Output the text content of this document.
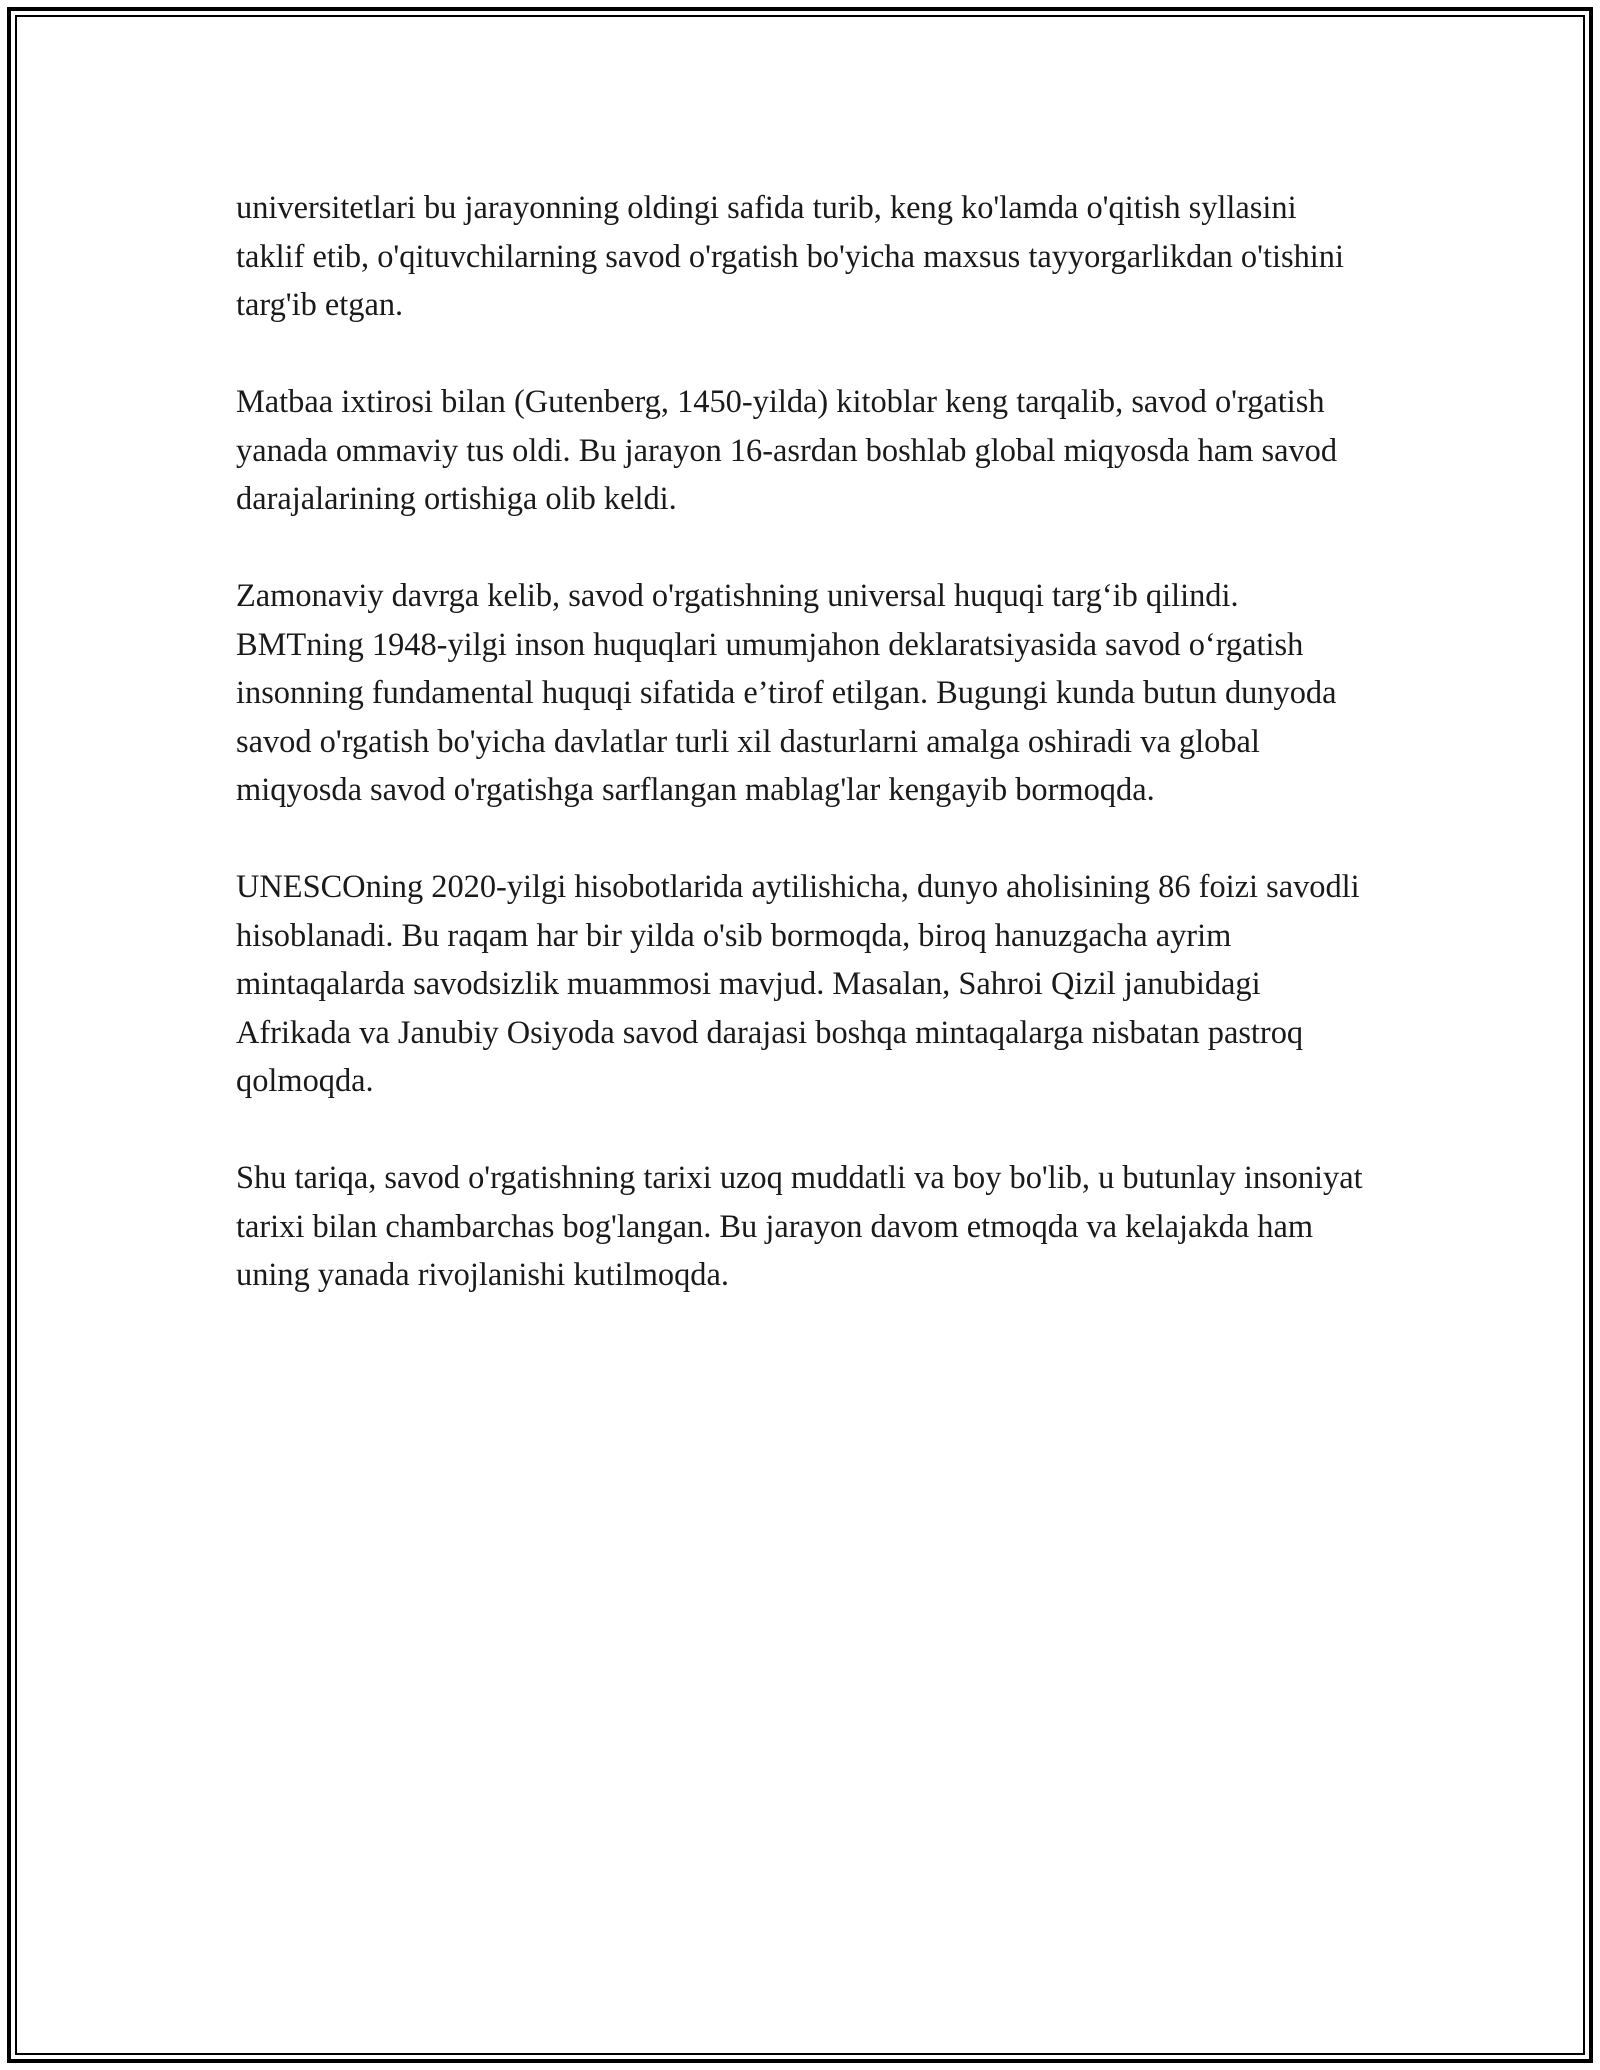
universitetlari bu jarayonning oldingi safida turib, keng ko'lamda o'qitish syllasini taklif etib, o'qituvchilarning savod o'rgatish bo'yicha maxsus tayyorgarlikdan o'tishini targ'ib etgan.

Matbaa ixtirosi bilan (Gutenberg, 1450-yilda) kitoblar keng tarqalib, savod o'rgatish yanada ommaviy tus oldi. Bu jarayon 16-asrdan boshlab global miqyosda ham savod darajalarining ortishiga olib keldi.

Zamonaviy davrga kelib, savod o'rgatishning universal huquqi targ‘ib qilindi. BMTning 1948-yilgi inson huquqlari umumjahon deklaratsiyasida savod o‘rgatish insonning fundamental huquqi sifatida e’tirof etilgan. Bugungi kunda butun dunyoda savod o'rgatish bo'yicha davlatlar turli xil dasturlarni amalga oshiradi va global miqyosda savod o'rgatishga sarflangan mablag'lar kengayib bormoqda.

UNESCOning 2020-yilgi hisobotlarida aytilishicha, dunyo aholisining 86 foizi savodli hisoblanadi. Bu raqam har bir yilda o'sib bormoqda, biroq hanuzgacha ayrim mintaqalarda savodsizlik muammosi mavjud. Masalan, Sahroi Qizil janubidagi Afrikada va Janubiy Osiyoda savod darajasi boshqa mintaqalarga nisbatan pastroq qolmoqda.

Shu tariqa, savod o'rgatishning tarixi uzoq muddatli va boy bo'lib, u butunlay insoniyat tarixi bilan chambarchas bog'langan. Bu jarayon davom etmoqda va kelajakda ham uning yanada rivojlanishi kutilmoqda.
